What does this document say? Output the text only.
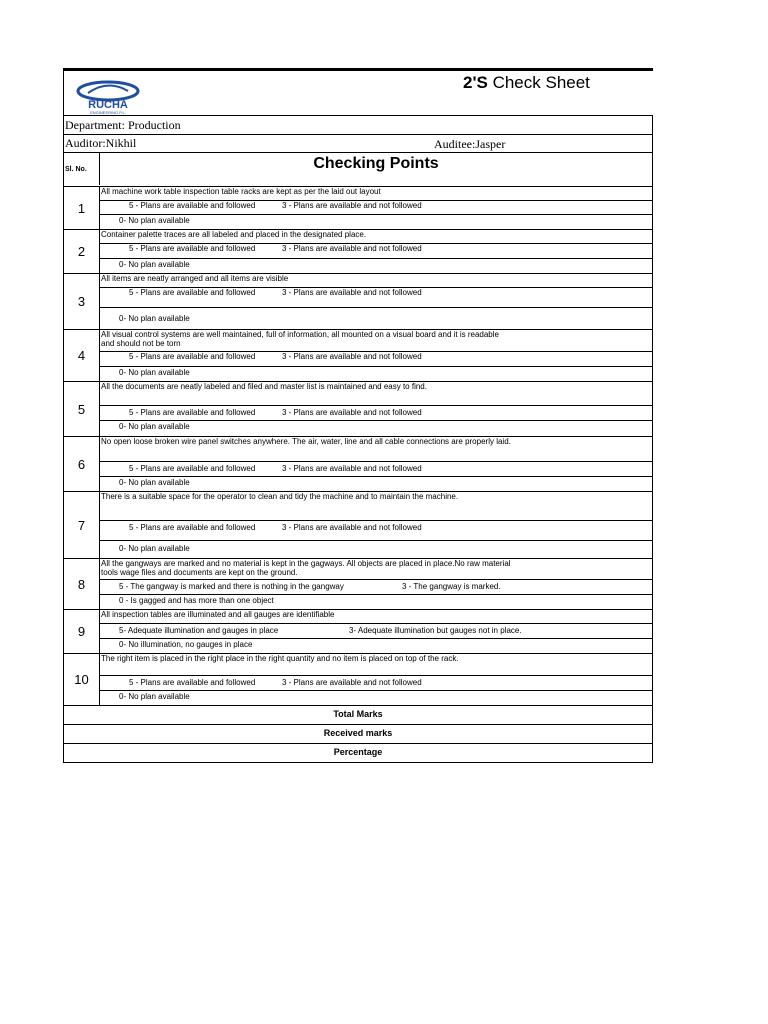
RUCHA
ENGINEERING P.L.
2'S Check Sheet
Department: Production
Auditor:Nikhil	Auditee:Jasper
Sl. No.	Checking Points
1
All machine work table inspection table racks are kept as per the laid out layout
5 - Plans are available and followed	3 - Plans are available and not followed
0- No plan available
2
Container palette traces are all labeled and placed in the designated place.
5 - Plans are available and followed	3 - Plans are available and not followed
0- No plan available
3
All items are neatly arranged and all items are visible
5 - Plans are available and followed	3 - Plans are available and not followed
0- No plan available
4
All visual control systems are well maintained, full of information, all mounted on a visual board and it is readable
and should not be torn
5 - Plans are available and followed	3 - Plans are available and not followed
0- No plan available
5
All the documents are neatly labeled and filed and master list is maintained and easy to find.
5 - Plans are available and followed	3 - Plans are available and not followed
0- No plan available
6
No open loose broken wire panel switches anywhere. The air, water, line and all cable connections are properly laid.
5 - Plans are available and followed	3 - Plans are available and not followed
0- No plan available
7
There is a suitable space for the operator to clean and tidy the machine and to maintain the machine.
5 - Plans are available and followed	3 - Plans are available and not followed
0- No plan available
8
All the gangways are marked and no material is kept in the gagways. All objects are placed in place.No raw material
tools wage files and documents are kept on the ground.
5 - The gangway is marked and there is nothing in the gangway	3 - The gangway is marked.
0 - Is gagged and has more than one object
9
All inspection tables are illuminated and all gauges are identifiable
5- Adequate illumination and gauges in place	3- Adequate illumination but gauges not in place.
0- No illumination, no gauges in place
10
The right item is placed in the right place in the right quantity and no item is placed on top of the rack.
5 - Plans are available and followed	3 - Plans are available and not followed
0- No plan available
Total Marks
Received marks
Percentage
